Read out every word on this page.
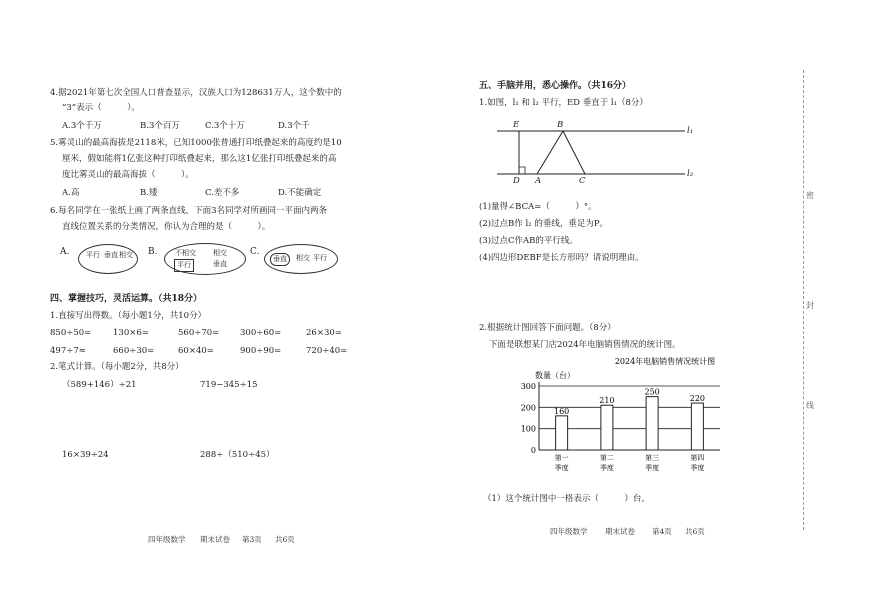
4.据2021年第七次全国人口普查显示，汉族人口为128631万人，这个数中的
“3”表示（　　　）。
A.3个千万	B.3个百万	C.3个十万	D.3个千
5.雾灵山的最高海拔是2118米，已知1000张普通打印纸叠起来的高度约是10
厘米，假如能将1亿张这种打印纸叠起来，那么这1亿张打印纸叠起来的高
度比雾灵山的最高海拔（　　　）。
A.高	B.矮	C.差不多	D.不能确定
6.每名同学在一张纸上画了两条直线，下面3名同学对所画同一平面内两条
直线位置关系的分类情况，你认为合理的是（　　　）。
A. 平行 垂直 相交 B.	不相交
平行
相交
垂直
C.
垂直	相交 平行
四、掌握技巧，灵活运算。（共18分）
1.直接写出得数。（每小题1分，共10分）
850÷50=	130×6=	560÷70= 300÷60=	26×30=
497÷7≈	660÷30=	60×40=	900÷90=	720÷40=
2.笔式计算。（每小题2分，共8分）
（589+146）÷21	719−345÷15
16×39÷24	288÷（510÷45）
四年级数学 期末试卷 第3页 共6页
五、手脑并用，悉心操作。（共16分）
1.如图，l₁ 和 l₂ 平行，ED 垂直于 l₁（8分）
E	B
D A	C
l₁
l₂
(1)量得∠BCA=（　　　）°。
(2)过点B作 l₂ 的垂线，垂足为P。
(3)过点C作AB的平行线。
(4)四边形DEBF是长方形吗？请说明理由。
2.根据统计图回答下面问题。（8分）
下面是联想某门店2024年电脑销售情况的统计图。
2024年电脑销售情况统计图
数量（台）
0
100
200
300
160
第一
季度
210
第二
季度
250
第三
季度
220
第四
季度
（1）这个统计图中一格表示（　　　）台。
四年级数学 期末试卷 第4页 共6页
密
封
线
